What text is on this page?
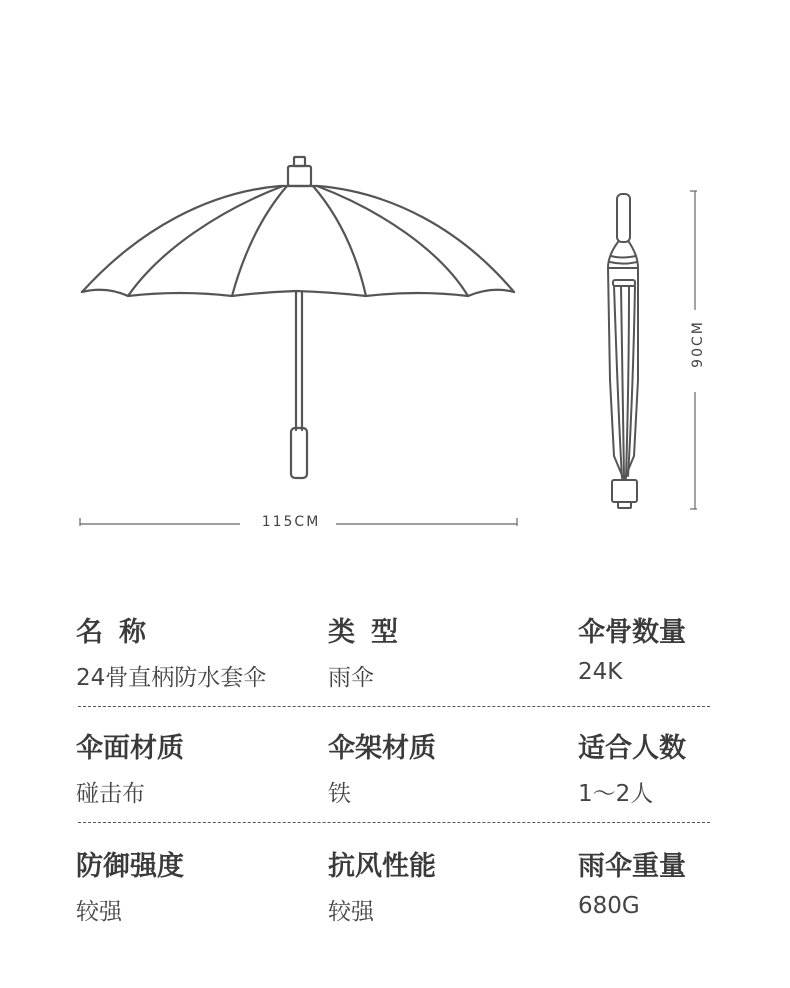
115CM
90CM
名称
24骨直柄防水套伞
类型
雨伞
伞骨数量
24K
伞面材质
碰击布
伞架材质
铁
适合人数
1～2人
防御强度
较强
抗风性能
较强
雨伞重量
680G
